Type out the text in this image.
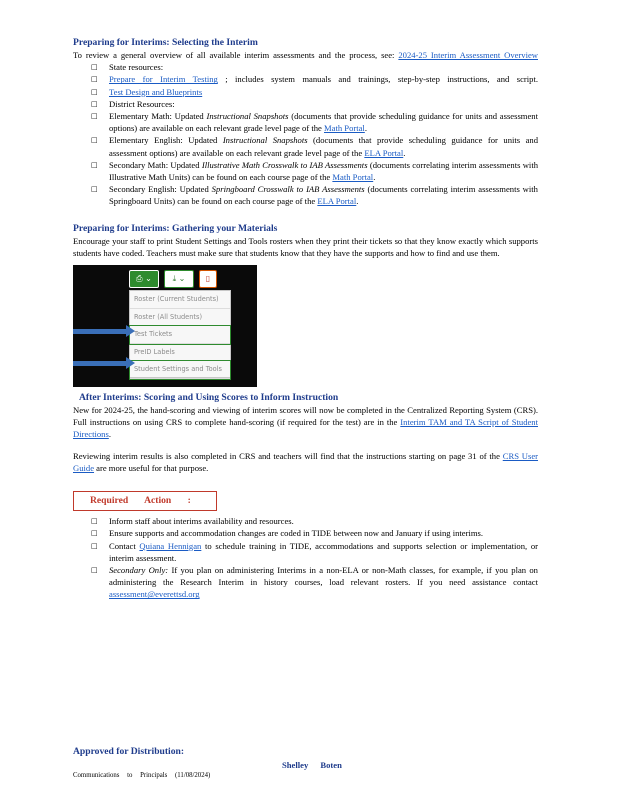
Preparing for Interims: Selecting the Interim
To review a general overview of all available interim assessments and the process, see: 2024-25 Interim Assessment Overview
□ State resources:
□ Prepare for Interim Testing ; includes system manuals and trainings, step-by-step instructions, and script.
□ Test Design and Blueprints
□ District Resources:
□ Elementary Math: Updated Instructional Snapshots (documents that provide scheduling guidance for units and assessment options) are available on each relevant grade level page of the Math Portal.
□ Elementary English: Updated Instructional Snapshots (documents that provide scheduling guidance for units and assessment options) are available on each relevant grade level page of the ELA Portal.
□ Secondary Math: Updated Illustrative Math Crosswalk to IAB Assessments (documents correlating interim assessments with Illustrative Math Units) can be found on each course page of the Math Portal.
□ Secondary English: Updated Springboard Crosswalk to IAB Assessments (documents correlating interim assessments with Springboard Units) can be found on each course page of the ELA Portal.
Preparing for Interims: Gathering your Materials
Encourage your staff to print Student Settings and Tools rosters when they print their tickets so that they know exactly which supports students have coded. Teachers must make sure that students know that they have the supports and how to find and use them.
⎙ ⌄	⤓ ⌄	▯
Roster (Current Students)
Roster (All Students)
Test Tickets
PreID Labels
Student Settings and Tools
After Interims: Scoring and Using Scores to Inform Instruction
New for 2024-25, the hand-scoring and viewing of interim scores will now be completed in the Centralized Reporting System (CRS). Full instructions on using CRS to complete hand-scoring (if required for the test) are in the Interim TAM and TA Script of Student Directions.
Reviewing interim results is also completed in CRS and teachers will find that the instructions starting on page 31 of the CRS User Guide are more useful for that purpose.
Required Action :
□ Inform staff about interims availability and resources.
□ Ensure supports and accommodation changes are coded in TIDE between now and January if using interims.
□ Contact Quiana Hennigan to schedule training in TIDE, accommodations and supports selection or implementation, or interim assessment.
□ Secondary Only: If you plan on administering Interims in a non-ELA or non-Math classes, for example, if you plan on administering the Research Interim in history courses, load relevant rosters. If you need assistance contact assessment@everettsd.org
Approved for Distribution:
Shelley Boten
Communications to Principals (11/08/2024)
